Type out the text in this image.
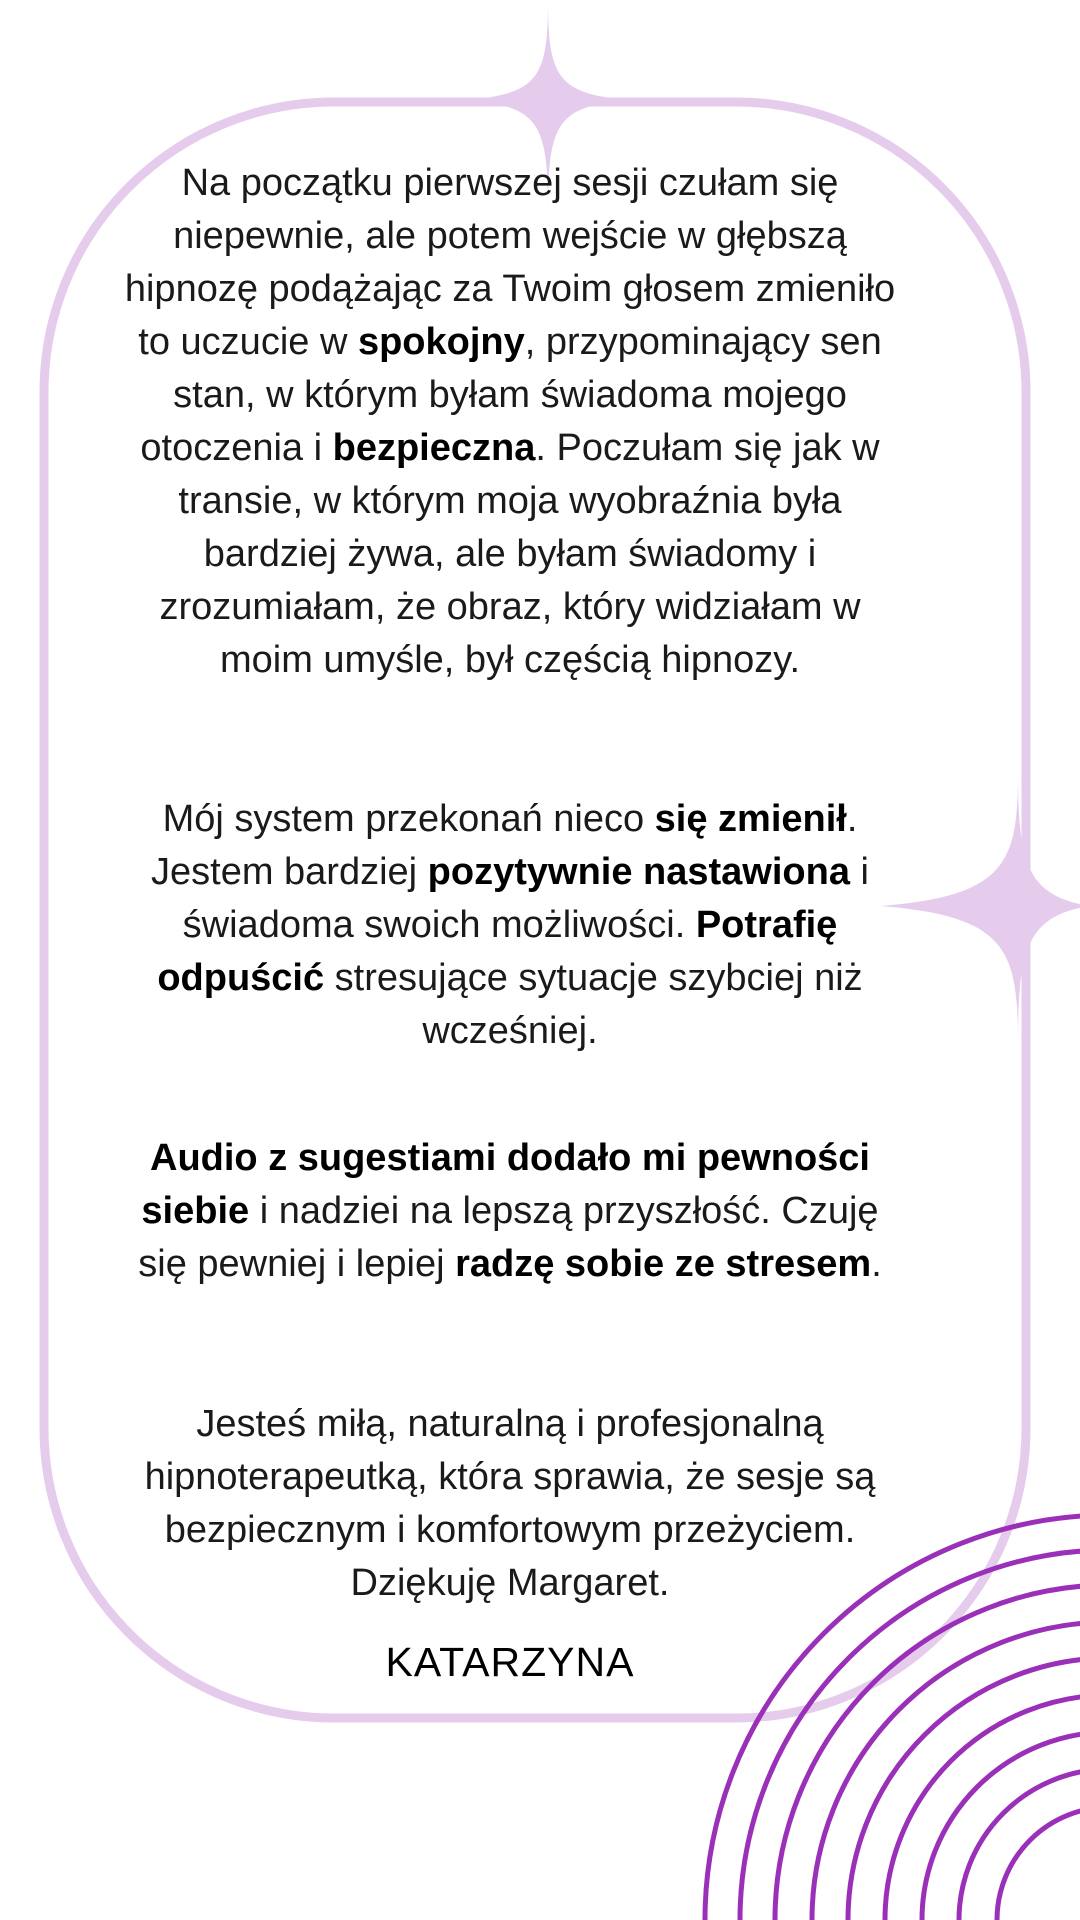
Na początku pierwszej sesji czułam się niepewnie, ale potem wejście w głębszą hipnozę podążając za Twoim głosem zmieniło to uczucie w spokojny, przypominający sen stan, w którym byłam świadoma mojego otoczenia i bezpieczna. Poczułam się jak w transie, w którym moja wyobraźnia była bardziej żywa, ale byłam świadomy i zrozumiałam, że obraz, który widziałam w moim umyśle, był częścią hipnozy.

Mój system przekonań nieco się zmienił. Jestem bardziej pozytywnie nastawiona i świadoma swoich możliwości. Potrafię odpuścić stresujące sytuacje szybciej niż wcześniej.

Audio z sugestiami dodało mi pewności siebie i nadziei na lepszą przyszłość. Czuję się pewniej i lepiej radzę sobie ze stresem.

Jesteś miłą, naturalną i profesjonalną hipnoterapeutką, która sprawia, że sesje są bezpiecznym i komfortowym przeżyciem. Dziękuję Margaret.

KATARZYNA
